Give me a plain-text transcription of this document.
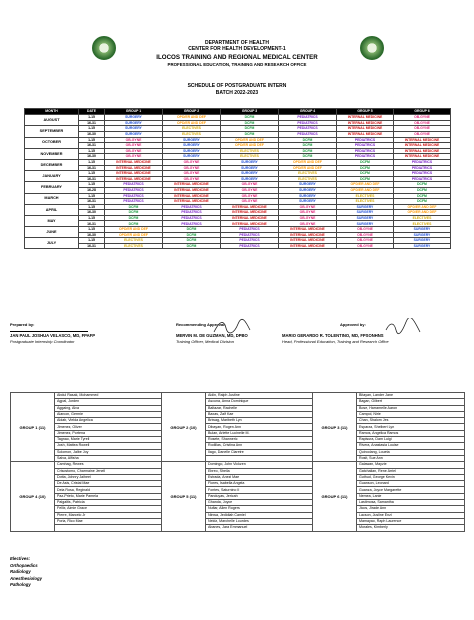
DEPARTMENT OF HEALTH
CENTER FOR HEALTH DEVELOPMENT-1
ILOCOS TRAINING AND REGIONAL MEDICAL CENTER
PROFESSIONAL EDUCATION, TRAINING AND RESEARCH OFFICE
SCHEDULE OF POSTGRADUATE INTERN
BATCH 2022-2023
MONTH	DATE	GROUP 1	GROUP 2	GROUP 3	GROUP 4	GROUP 5	GROUP 6
AUGUST	1-15	SURGERY	OPD/ER AND DEF	DCFM	PEDIATRICS	INTERNAL MEDICINE	OB-GYNE
	16-31	SURGERY	OPD/ER AND DEF	DCFM	PEDIATRICS	INTERNAL MEDICINE	OB-GYNE
SEPTEMBER	1-15	SURGERY	ELECTIVES	DCFM	PEDIATRICS	INTERNAL MEDICINE	OB-GYNE
	16-30	SURGERY	ELECTIVES	DCFM	PEDIATRICS	INTERNAL MEDICINE	OB-GYNE
OCTOBER	1-15	OB-GYNE	SURGERY	OPD/ER AND DEF	DCFM	PEDIATRICS	INTERNAL MEDICINE
	16-31	OB-GYNE	SURGERY	OPD/ER AND DEF	DCFM	PEDIATRICS	INTERNAL MEDICINE
NOVEMBER	1-15	OB-GYNE	SURGERY	ELECTIVES	DCFM	PEDIATRICS	INTERNAL MEDICINE
	16-30	OB-GYNE	SURGERY	ELECTIVES	DCFM	PEDIATRICS	INTERNAL MEDICINE
DECEMBER	1-15	INTERNAL MEDICINE	OB-GYNE	SURGERY	OPD/ER AND DEF	DCFM	PEDIATRICS
	16-31	INTERNAL MEDICINE	OB-GYNE	SURGERY	OPD/ER AND DEF	DCFM	PEDIATRICS
JANUARY	1-15	INTERNAL MEDICINE	OB-GYNE	SURGERY	ELECTIVES	DCFM	PEDIATRICS
	16-31	INTERNAL MEDICINE	OB-GYNE	SURGERY	ELECTIVES	DCFM	PEDIATRICS
FEBRUARY	1-15	PEDIATRICS	INTERNAL MEDICINE	OB-GYNE	SURGERY	OPD/ER AND DEF	DCFM
	16-28	PEDIATRICS	INTERNAL MEDICINE	OB-GYNE	SURGERY	OPD/ER AND DEF	DCFM
MARCH	1-15	PEDIATRICS	INTERNAL MEDICINE	OB-GYNE	SURGERY	ELECTIVES	DCFM
	16-31	PEDIATRICS	INTERNAL MEDICINE	OB-GYNE	SURGERY	ELECTIVES	DCFM
APRIL	1-15	DCFM	PEDIATRICS	INTERNAL MEDICINE	OB-GYNE	SURGERY	OPD/ER AND DEF
	16-30	DCFM	PEDIATRICS	INTERNAL MEDICINE	OB-GYNE	SURGERY	OPD/ER AND DEF
MAY	1-15	DCFM	PEDIATRICS	INTERNAL MEDICINE	OB-GYNE	SURGERY	ELECTIVES
	16-31	DCFM	PEDIATRICS	INTERNAL MEDICINE	OB-GYNE	SURGERY	ELECTIVES
JUNE	1-15	OPD/ER AND DEF	DCFM	PEDIATRICS	INTERNAL MEDICINE	OB-GYNE	SURGERY
	16-30	OPD/ER AND DEF	DCFM	PEDIATRICS	INTERNAL MEDICINE	OB-GYNE	SURGERY
JULY	1-15	ELECTIVES	DCFM	PEDIATRICS	INTERNAL MEDICINE	OB-GYNE	SURGERY
	16-31	ELECTIVES	DCFM	PEDIATRICS	INTERNAL MEDICINE	OB-GYNE	SURGERY
Prepared by:
JAN PAUL JOSHUA VELASCO, MD, FPAFP
Postgraduate Internship Coordinator
Recommending Approval:
MERVIN M. DE GUZMAN, MD, DPBO
Training Officer, Medical Division
Approved by:
MARIO GERARDO R. TOLENTINO, MD, FPSONHNS
Head, Professional Education, Training and Research Office
GROUP 1 (11)	Abdul Rasak, Mohammed	GROUP 2 (10)	Aidin, Ralph Justine	GROUP 3 (11)	Bitayan, Lander Jane
	Agpal, Jorden		Ascuna, Anna Dominique		Bagan, Gilbert
	Aggaing, Alva		Baltazar, Rachelle		Bose, Harramelle Aaron
	Alarcon, Germie		Baxas, Zalf Kae		Campol, Nirie
	Aldab, Vielda Angelica		Briwag, Maribeth Lyn		Chan, Shalom Jes
	Jimenez, Oliver		Dibayan, Rogen Ann		Esparza, Shelbert Lyn
	Jimenez, Portena		Bulan, Arlette Lucinelle M.		Ramos, Angelica Ramos
	Tagnao, Marie Tyrell		Rosete, Shanneric		Rapisura, Dam Luigi
	Josh, Mattea Rowell		Rodillas, Cristina Ann		Rivera, Anastasia Louise
	Solomon, Jalbe Joy		Ilago, Danelle Claretre		Quiroolang, Loueta
	Salva, Alfisha				Rosit, Sue Ann
GROUP 4 (10)	Camhag, Rewes	GROUP 5 (11)	Domingo, John Vickzen	GROUP 6 (11)	Galawan, Mayzie
	Crisostomo, Charmaine Jenell		Ebreo, Sheila		Gatchalian, Rene Arriel
	Dotta, Johnry Jaiheel		Estrada, Anezi Mae		Guthud, George Kevin
	De Asis, Cristal Mae		Flores, Isabella Angela		Guanson, Leonard
	Dela Rosa, Reginald		Fontes, Saturnino II		Guanza, Joyce Margarette
	Paz-Prieto, Marie Pamela		Panduyas, Jericah		Nemea, Lanie
	Palgaltis, Patricia		Ghanda, Joyce		Lastimosa, Samantha
	Fellix, Aimie Grace		Nufiar, Allen Rogers		Jicos, Jirade Ann
	Pierre, Marcelo Jr		Ninwa, Jedidiah Camiel		Lacson, Jusline Enzi
	Poria, Rico Mae		Neidz, Marchelle Lourdes		Mamayao, Raph Laurence
			Abanes, Jara Emmanuel		Morales, Kimberly
Electives:
Orthopaedics
Radiology
Anesthesiology
Pathology
